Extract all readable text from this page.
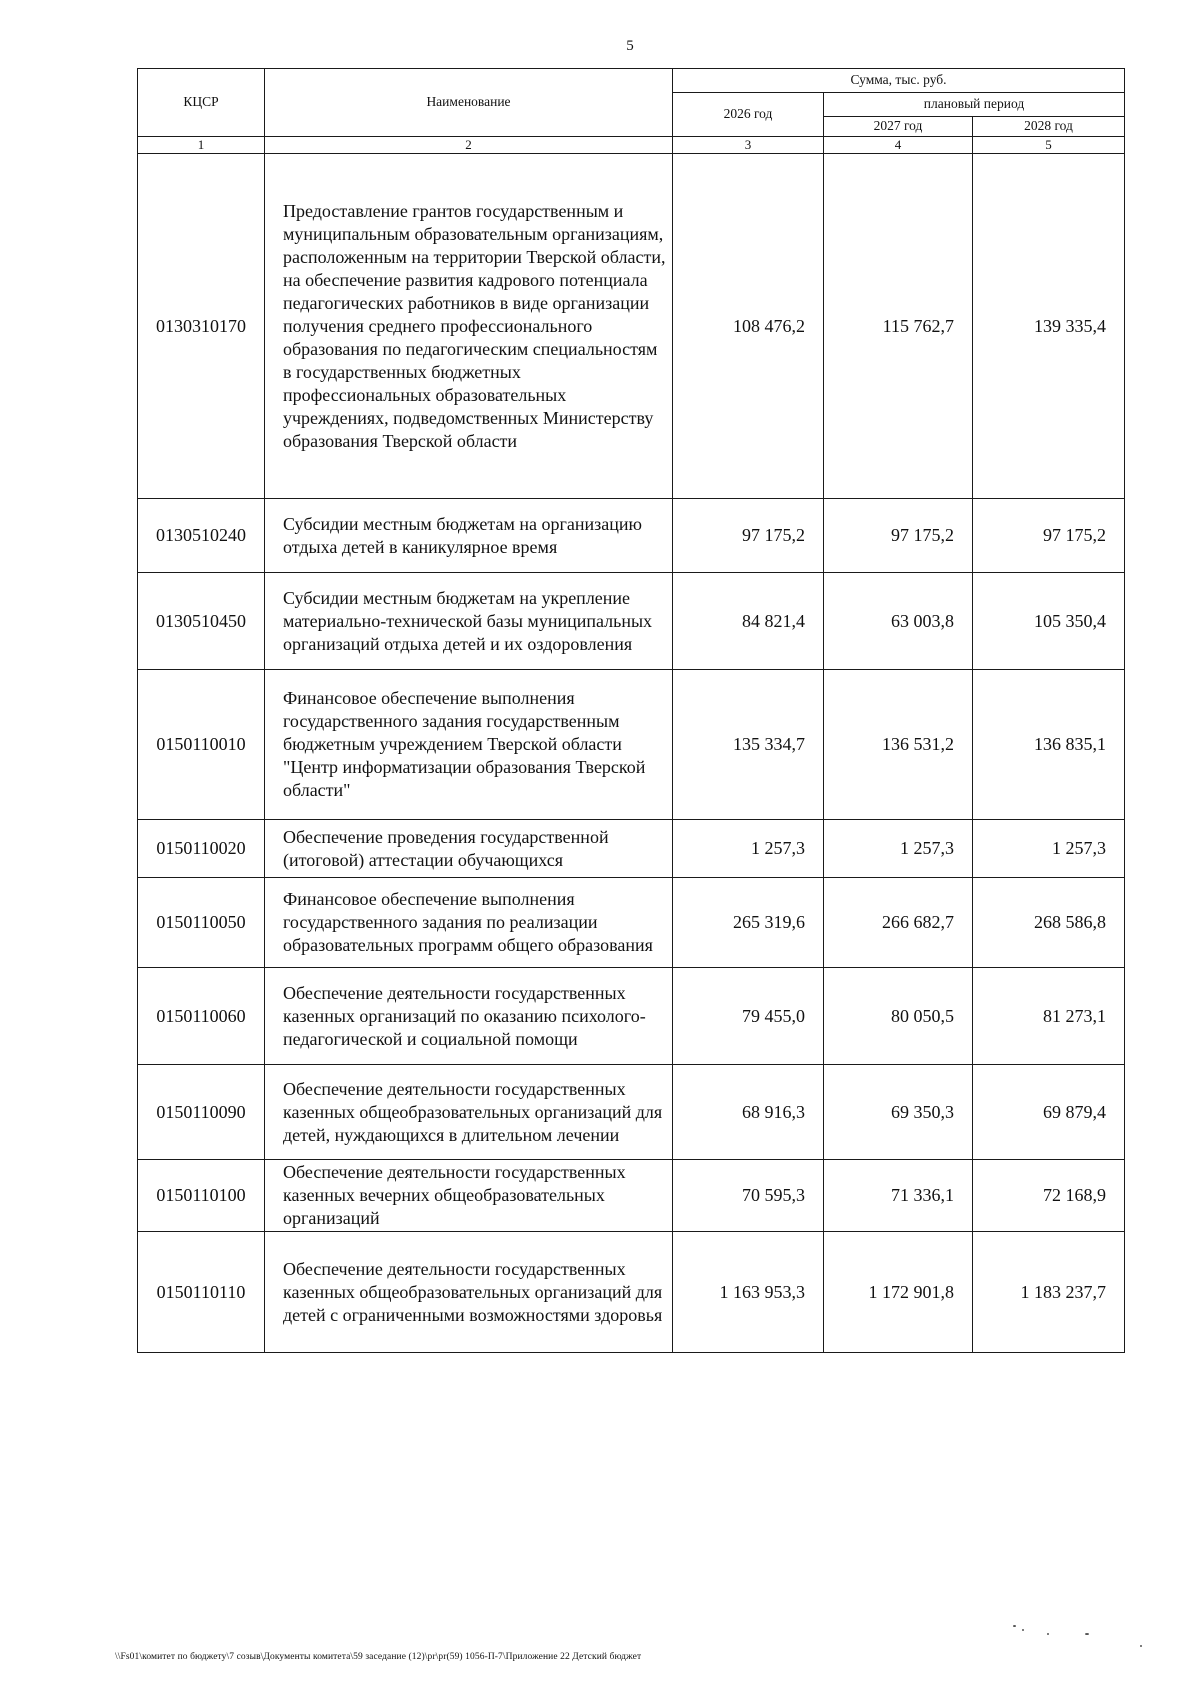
5
КЦСР	Наименование	Сумма, тыс. руб.		
		2026 год	плановый период	
			2027 год	2028 год
1	2	3	4	5
0130310170	Предоставление грантов государственным и муниципальным образовательным организациям, расположенным на территории Тверской области, на обеспечение развития кадрового потенциала педагогических работников в виде организации получения среднего профессионального образования по педагогическим специальностям в государственных бюджетных профессиональных образовательных учреждениях, подведомственных Министерству образования Тверской области	108 476,2	115 762,7	139 335,4
0130510240	Субсидии местным бюджетам на организацию отдыха детей в каникулярное время	97 175,2	97 175,2	97 175,2
0130510450	Субсидии местным бюджетам на укрепление материально-технической базы муниципальных организаций отдыха детей и их оздоровления	84 821,4	63 003,8	105 350,4
0150110010	Финансовое обеспечение выполнения государственного задания государственным бюджетным учреждением Тверской области "Центр информатизации образования Тверской области"	135 334,7	136 531,2	136 835,1
0150110020	Обеспечение проведения государственной (итоговой) аттестации обучающихся	1 257,3	1 257,3	1 257,3
0150110050	Финансовое обеспечение выполнения государственного задания по реализации образовательных программ общего образования	265 319,6	266 682,7	268 586,8
0150110060	Обеспечение деятельности государственных казенных организаций по оказанию психолого-педагогической и социальной помощи	79 455,0	80 050,5	81 273,1
0150110090	Обеспечение деятельности государственных казенных общеобразовательных организаций для детей, нуждающихся в длительном лечении	68 916,3	69 350,3	69 879,4
0150110100	Обеспечение деятельности государственных казенных вечерних общеобразовательных организаций	70 595,3	71 336,1	72 168,9
0150110110	Обеспечение деятельности государственных казенных общеобразовательных организаций для детей с ограниченными возможностями здоровья	1 163 953,3	1 172 901,8	1 183 237,7
\\Fs01\комитет по бюджету\7 созыв\Документы комитета\59 заседание (12)\pr\pr(59) 1056-П-7\Приложение 22 Детский бюджет
